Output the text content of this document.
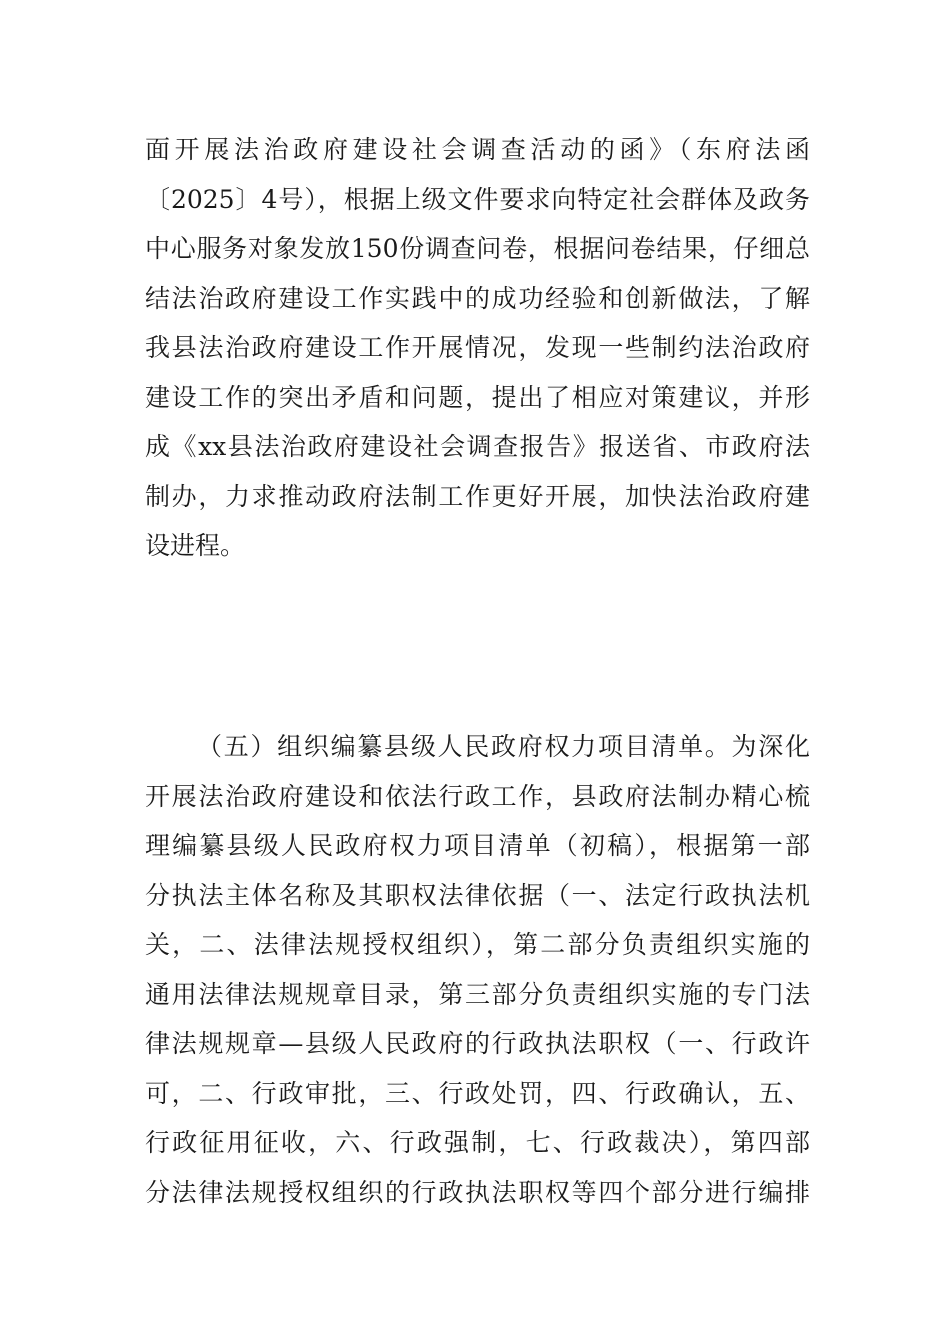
面开展法治政府建设社会调查活动的函》（东府法函
〔2025〕4号），根据上级文件要求向特定社会群体及政务
中心服务对象发放150份调查问卷，根据问卷结果，仔细总
结法治政府建设工作实践中的成功经验和创新做法，了解
我县法治政府建设工作开展情况，发现一些制约法治政府
建设工作的突出矛盾和问题，提出了相应对策建议，并形
成《xx县法治政府建设社会调查报告》报送省、市政府法
制办，力求推动政府法制工作更好开展，加快法治政府建
设进程。
（五）组织编纂县级人民政府权力项目清单。为深化
开展法治政府建设和依法行政工作，县政府法制办精心梳
理编纂县级人民政府权力项目清单（初稿），根据第一部
分执法主体名称及其职权法律依据（一、法定行政执法机
关，二、法律法规授权组织），第二部分负责组织实施的
通用法律法规规章目录，第三部分负责组织实施的专门法
律法规规章—县级人民政府的行政执法职权（一、行政许
可，二、行政审批，三、行政处罚，四、行政确认，五、
行政征用征收，六、行政强制，七、行政裁决），第四部
分法律法规授权组织的行政执法职权等四个部分进行编排
